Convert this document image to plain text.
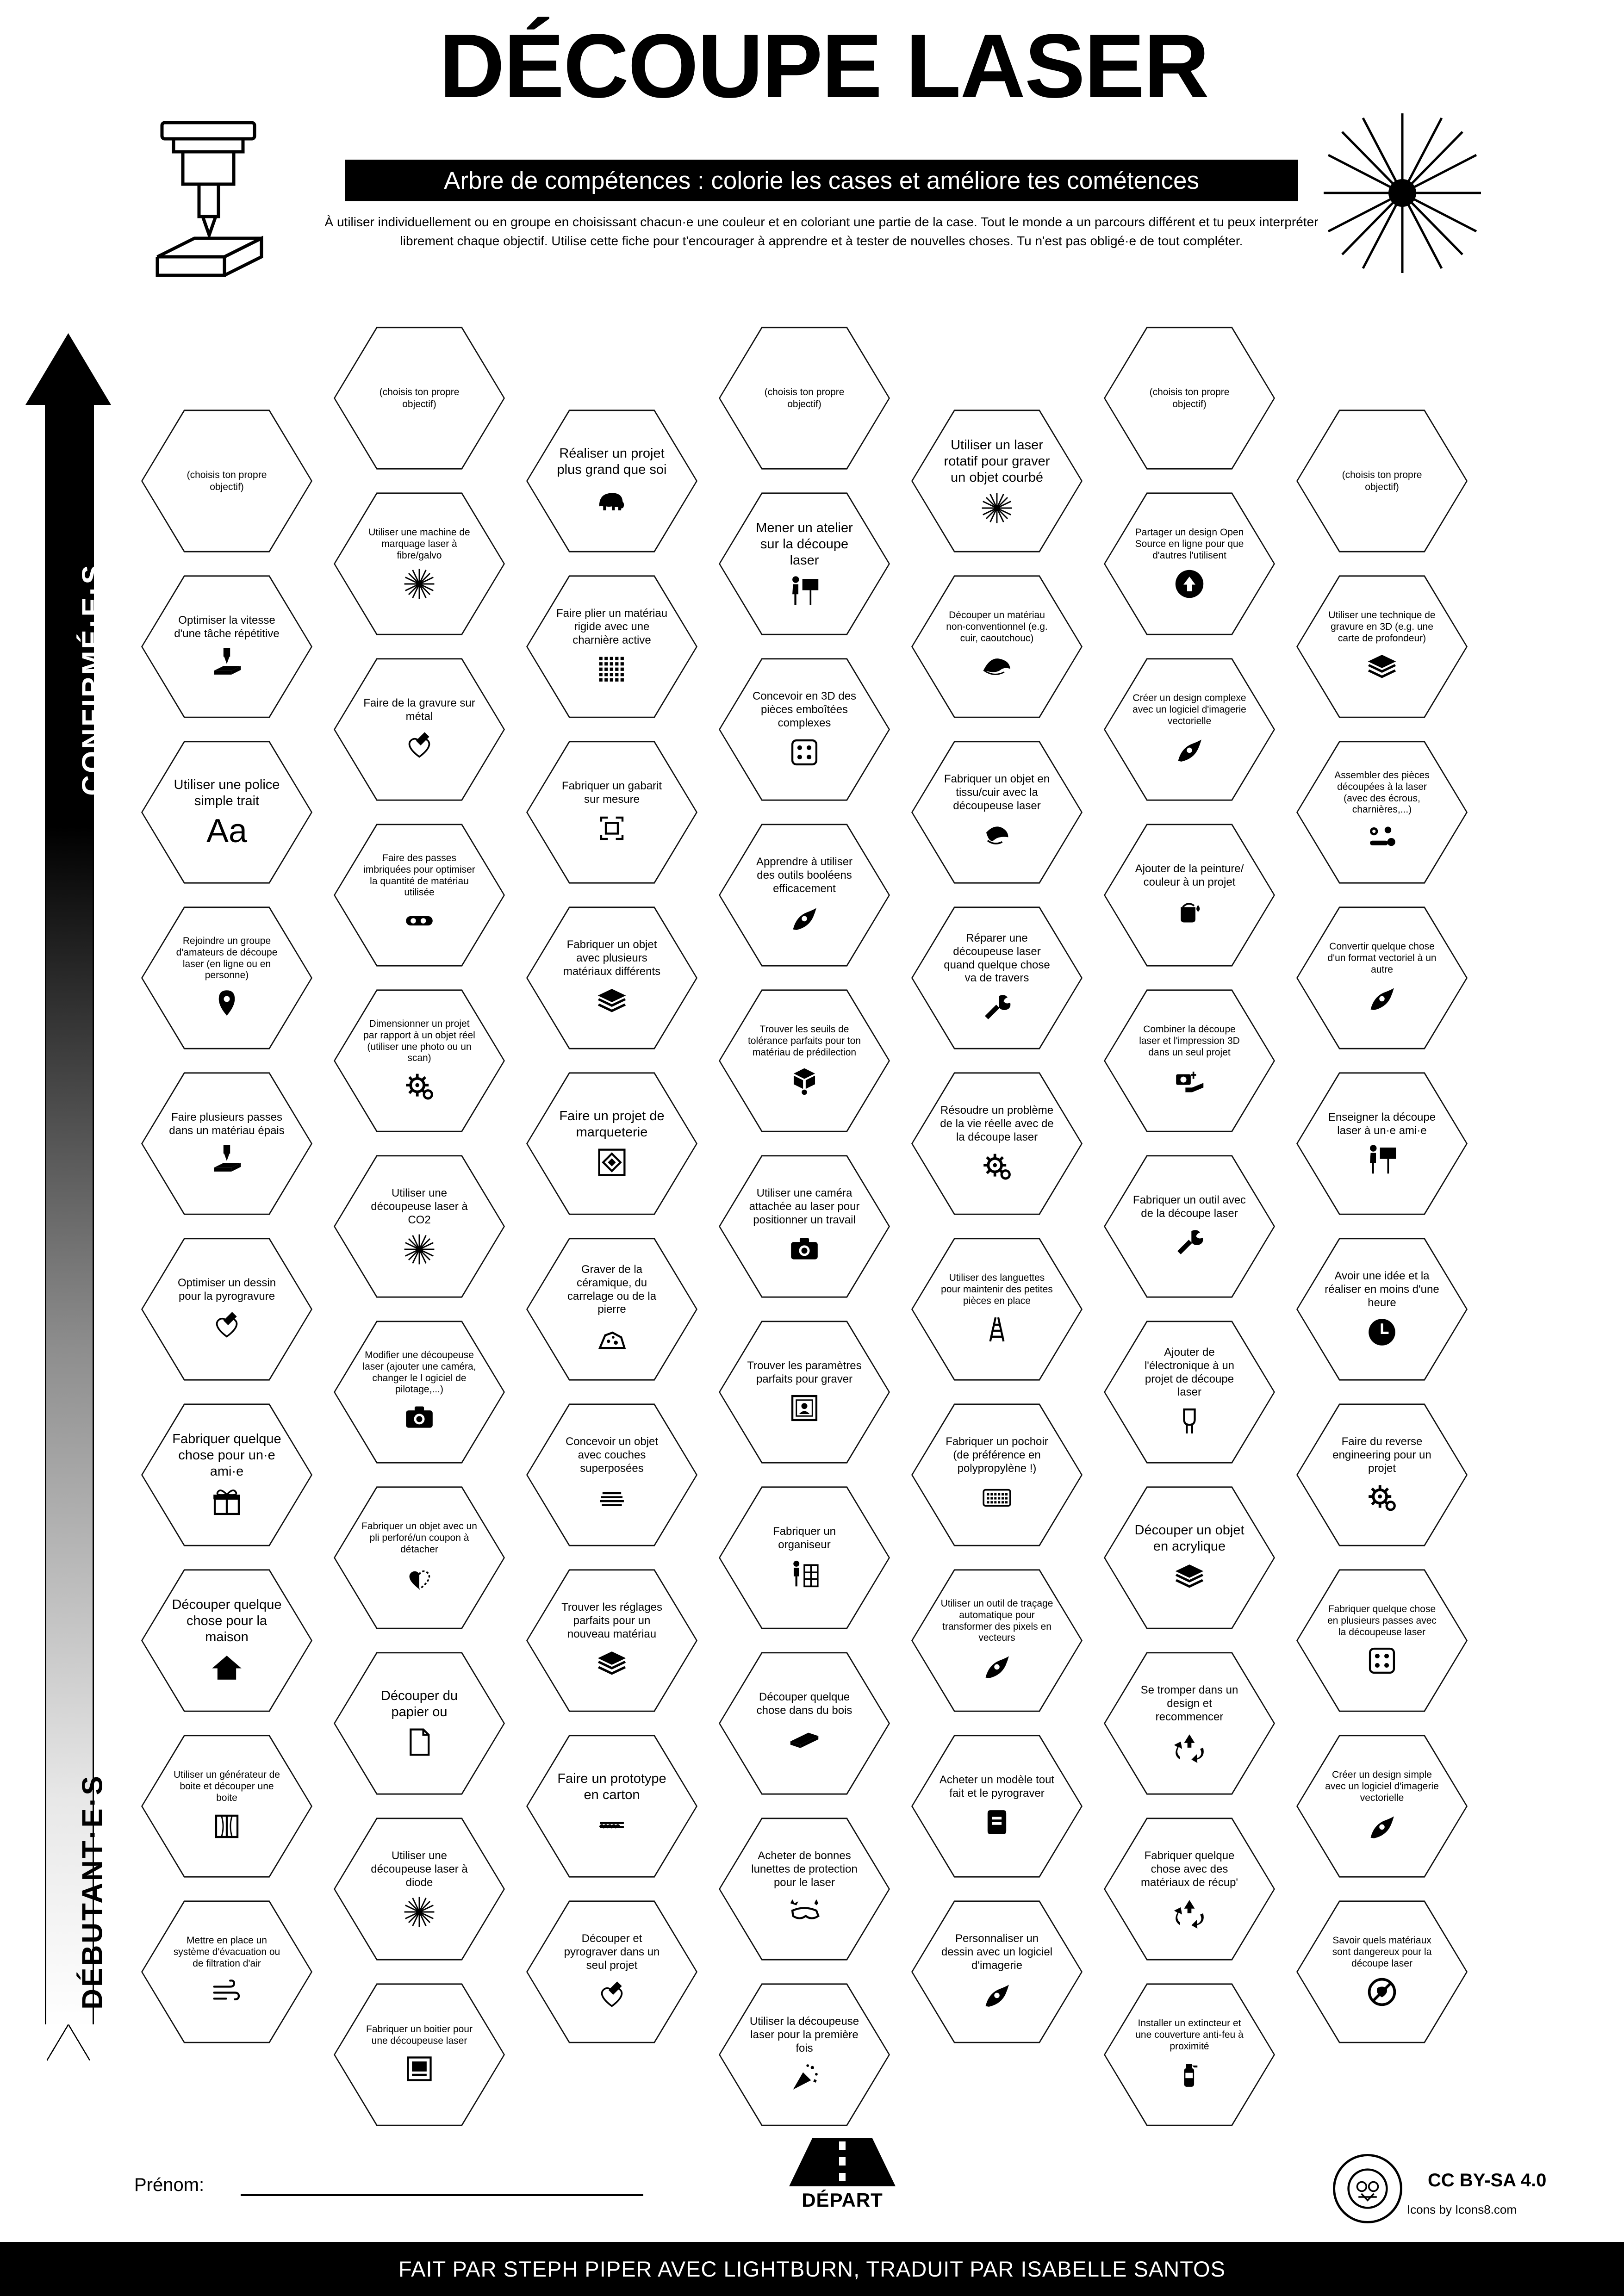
DÉCOUPE LASER
Arbre de compétences : colorie les cases et améliore tes cométences
À utiliser individuellement ou en groupe en choisissant chacun·e une couleur et en coloriant une partie de la case. Tout le monde a un parcours différent et tu peux interpréter librement chaque objectif. Utilise cette fiche pour t'encourager à apprendre et à tester de nouvelles choses. Tu n'est pas obligé·e de tout compléter.
CONFIRMÉ·E·S
DÉBUTANT·E·S
(choisis ton propre objectif)
(choisis ton propre objectif)
(choisis ton propre objectif)
(choisis ton propre objectif)
Réaliser un projet plus grand que soi
Utiliser un laser rotatif pour graver un objet courbé	(choisis ton propre objectif)
Utiliser une machine de marquage laser à fibre/galvo
Mener un atelier sur la découpe laser
Partager un design Open Source en ligne pour que d'autres l'utilisent
Optimiser la vitesse d'une tâche répétitive
Faire plier un matériau rigide avec une charnière active
Découper un matériau non-conventionnel (e.g. cuir, caoutchouc)
Utiliser une technique de gravure en 3D (e.g. une carte de profondeur)
Faire de la gravure sur métal
Concevoir en 3D des pièces emboîtées complexes
Créer un design complexe avec un logiciel d'imagerie vectorielle
Utiliser une police simple trait
Aa
Fabriquer un gabarit sur mesure
Fabriquer un objet en tissu/cuir avec la découpeuse laser
Assembler des pièces découpées à la laser (avec des écrous, charnières,...)
Faire des passes imbriquées pour optimiser la quantité de matériau utilisée
Apprendre à utiliser des outils booléens efficacement
Ajouter de la peinture/ couleur à un projet
Rejoindre un groupe d'amateurs de découpe laser (en ligne ou en personne)
Fabriquer un objet avec plusieurs matériaux différents
Réparer une découpeuse laser quand quelque chose va de travers
Convertir quelque chose d'un format vectoriel à un autre
Dimensionner un projet par rapport à un objet réel (utiliser une photo ou un scan)
Trouver les seuils de tolérance parfaits pour ton matériau de prédilection
Combiner la découpe laser et l'impression 3D dans un seul projet
Faire plusieurs passes dans un matériau épais
Faire un projet de marqueterie
Résoudre un problème de la vie réelle avec de la découpe laser
Enseigner la découpe laser à un·e ami·e
Utiliser une découpeuse laser à CO2
Utiliser une caméra attachée au laser pour positionner un travail
Fabriquer un outil avec de la découpe laser
Optimiser un dessin pour la pyrogravure
Graver de la céramique, du carrelage ou de la pierre
Utiliser des languettes pour maintenir des petites pièces en place
Avoir une idée et la réaliser en moins d'une heure
Modifier une découpeuse laser (ajouter une caméra, changer le l ogiciel de pilotage,...)
Trouver les paramètres parfaits pour graver
Ajouter de l'électronique à un projet de découpe laser
Fabriquer quelque chose pour un·e ami·e
Concevoir un objet avec couches superposées
Fabriquer un pochoir (de préférence en polypropylène !)
Faire du reverse engineering pour un projet
Fabriquer un objet avec un pli perforé/un coupon à détacher
Fabriquer un organiseur
Découper un objet en acrylique
Découper quelque chose pour la maison
Trouver les réglages parfaits pour un nouveau matériau
Utiliser un outil de traçage automatique pour transformer des pixels en vecteurs
Fabriquer quelque chose en plusieurs passes avec la découpeuse laser
Découper du papier ou
Découper quelque chose dans du bois
Se tromper dans un design et recommencer
Utiliser un générateur de boite et découper une boite
Faire un prototype en carton
Acheter un modèle tout fait et le pyrograver
Créer un design simple avec un logiciel d'imagerie vectorielle
Utiliser une découpeuse laser à diode
Acheter de bonnes lunettes de protection pour le laser
Fabriquer quelque chose avec des matériaux de récup'
Mettre en place un système d'évacuation ou de filtration d'air
Découper et pyrograver dans un seul projet
Personnaliser un dessin avec un logiciel d'imagerie
Savoir quels matériaux sont dangereux pour la découpe laser
Fabriquer un boitier pour une découpeuse laser
Utiliser la découpeuse laser pour la première fois
Installer un extincteur et une couverture anti-feu à proximité
Prénom:
DÉPART
CC BY-SA 4.0
Icons by Icons8.com
FAIT PAR STEPH PIPER AVEC LIGHTBURN, TRADUIT PAR ISABELLE SANTOS
